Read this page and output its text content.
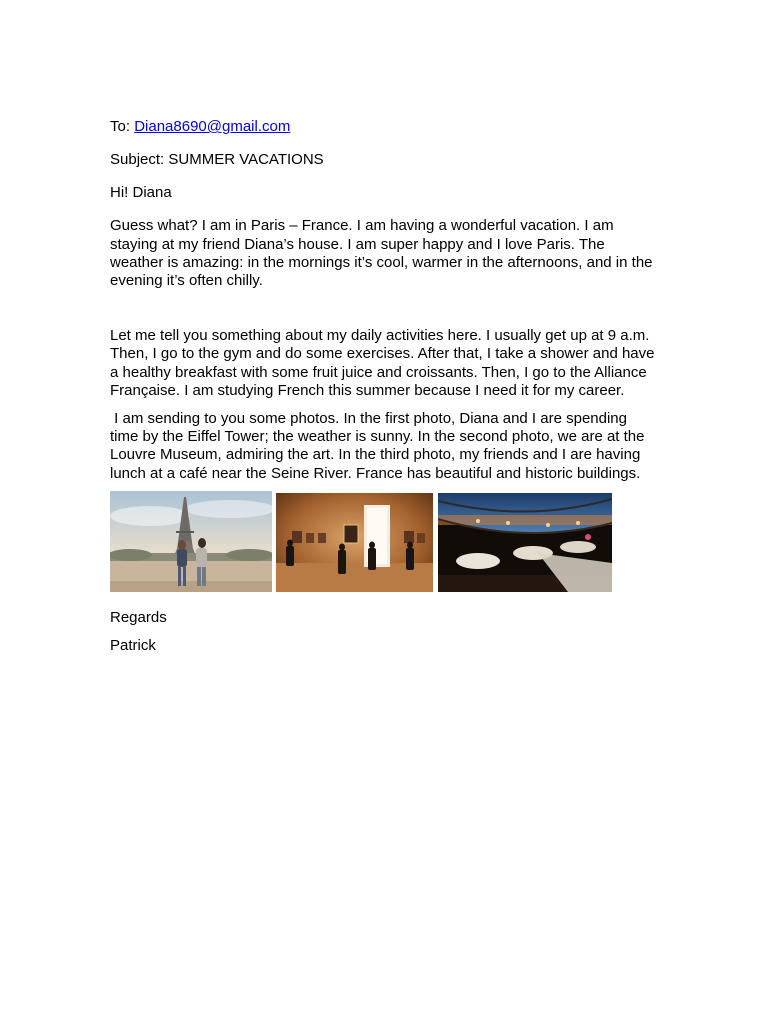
To: Diana8690@gmail.com

Subject: SUMMER VACATIONS

Hi! Diana

Guess what? I am in Paris – France. I am having a wonderful vacation. I am staying at my friend Diana’s house. I am super happy and I love Paris. The weather is amazing: in the mornings it’s cool, warmer in the afternoons, and in the evening it’s often chilly.

Let me tell you something about my daily activities here. I usually get up at 9 a.m. Then, I go to the gym and do some exercises. After that, I take a shower and have a healthy breakfast with some fruit juice and croissants. Then, I go to the Alliance Française. I am studying French this summer because I need it for my career.

I am sending to you some photos. In the first photo, Diana and I are spending time by the Eiffel Tower; the weather is sunny. In the second photo, we are at the Louvre Museum, admiring the art. In the third photo, my friends and I are having lunch at a café near the Seine River. France has beautiful and historic buildings.

Regards

Patrick
